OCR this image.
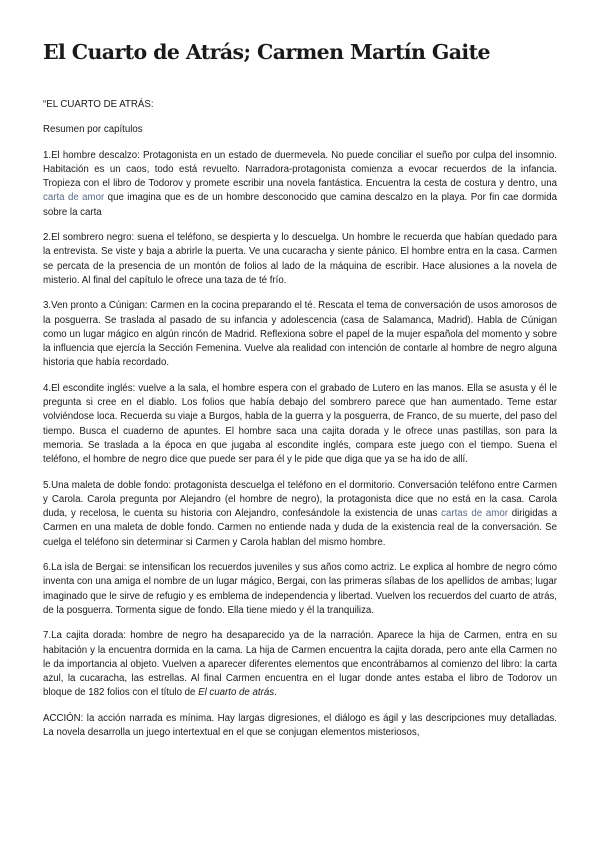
El Cuarto de Atrás; Carmen Martín Gaite

“EL CUARTO DE ATRÁS:

Resumen por capítulos

1.El hombre descalzo: Protagonista en un estado de duermevela. No puede conciliar el sueño por culpa del insomnio. Habitación es un caos, todo está revuelto. Narradora-protagonista comienza a evocar recuerdos de la infancia. Tropieza con el libro de Todorov y promete escribir una novela fantástica. Encuentra la cesta de costura y dentro, una carta de amor que imagina que es de un hombre desconocido que camina descalzo en la playa. Por fin cae dormida sobre la carta

2.El sombrero negro: suena el teléfono, se despierta y lo descuelga. Un hombre le recuerda que habían quedado para la entrevista. Se viste y baja a abrirle la puerta. Ve una cucaracha y siente pánico. El hombre entra en la casa. Carmen se percata de la presencia de un montón de folios al lado de la máquina de escribir. Hace alusiones a la novela de misterio. Al final del capítulo le ofrece una taza de té frío.

3.Ven pronto a Cúnigan: Carmen en la cocina preparando el té. Rescata el tema de conversación de usos amorosos de la posguerra. Se traslada al pasado de su infancia y adolescencia (casa de Salamanca, Madrid). Habla de Cúnigan como un lugar mágico en algún rincón de Madrid. Reflexiona sobre el papel de la mujer española del momento y sobre la influencia que ejercía la Sección Femenina. Vuelve ala realidad con intención de contarle al hombre de negro alguna historia que había recordado.

4.El escondite inglés: vuelve a la sala, el hombre espera con el grabado de Lutero en las manos. Ella se asusta y él le pregunta si cree en el diablo. Los folios que había debajo del sombrero parece que han aumentado. Teme estar volviéndose loca. Recuerda su viaje a Burgos, habla de la guerra y la posguerra, de Franco, de su muerte, del paso del tiempo. Busca el cuaderno de apuntes. El hombre saca una cajita dorada y le ofrece unas pastillas, son para la memoria. Se traslada a la época en que jugaba al escondite inglés, compara este juego con el tiempo. Suena el teléfono, el hombre de negro dice que puede ser para él y le pide que diga que ya se ha ido de allí.

5.Una maleta de doble fondo: protagonista descuelga el teléfono en el dormitorio. Conversación teléfono entre Carmen y Carola. Carola pregunta por Alejandro (el hombre de negro), la protagonista dice que no está en la casa. Carola duda, y recelosa, le cuenta su historia con Alejandro, confesándole la existencia de unas cartas de amor dirigidas a Carmen en una maleta de doble fondo. Carmen no entiende nada y duda de la existencia real de la conversación. Se cuelga el teléfono sin determinar si Carmen y Carola hablan del mismo hombre.

6.La isla de Bergai: se intensifican los recuerdos juveniles y sus años como actriz. Le explica al hombre de negro cómo inventa con una amiga el nombre de un lugar mágico, Bergai, con las primeras sílabas de los apellidos de ambas; lugar imaginado que le sirve de refugio y es emblema de independencia y libertad. Vuelven los recuerdos del cuarto de atrás, de la posguerra. Tormenta sigue de fondo. Ella tiene miedo y él la tranquiliza.

7.La cajita dorada: hombre de negro ha desaparecido ya de la narración. Aparece la hija de Carmen, entra en su habitación y la encuentra dormida en la cama. La hija de Carmen encuentra la cajita dorada, pero ante ella Carmen no le da importancia al objeto. Vuelven a aparecer diferentes elementos que encontrábamos al comienzo del libro: la carta azul, la cucaracha, las estrellas. Al final Carmen encuentra en el lugar donde antes estaba el libro de Todorov un bloque de 182 folios con el título de El cuarto de atrás.

ACCIÓN: la acción narrada es mínima. Hay largas digresiones, el diálogo es ágil y las descripciones muy detalladas. La novela desarrolla un juego intertextual en el que se conjugan elementos misteriosos,
